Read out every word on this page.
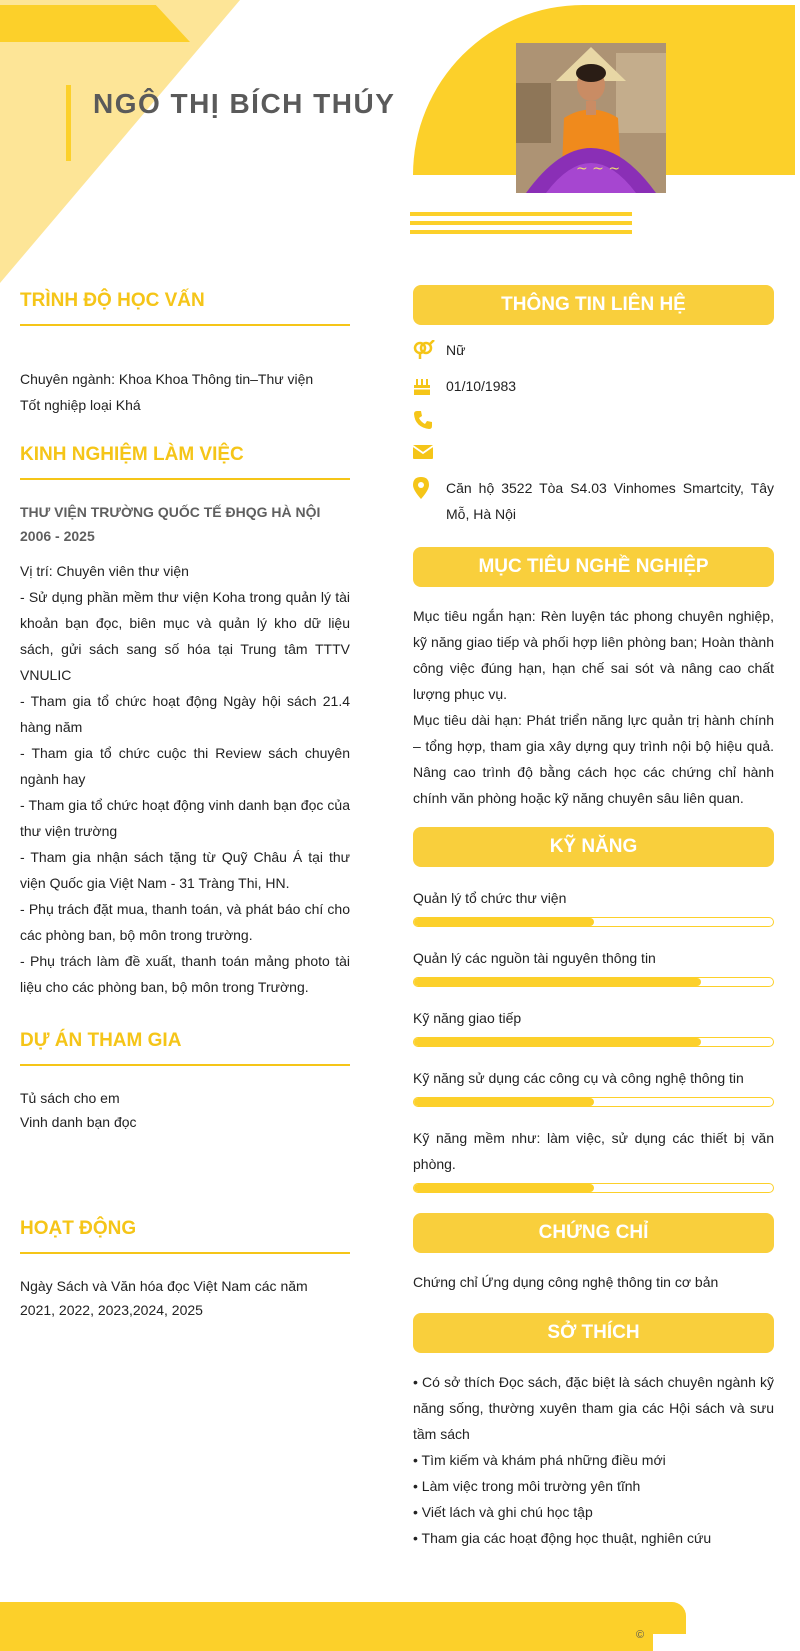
NGÔ THỊ BÍCH THÚY
~ ~ ~
TRÌNH ĐỘ HỌC VẤN
Chuyên ngành: Khoa Khoa Thông tin–Thư viện
Tốt nghiệp loại Khá
KINH NGHIỆM LÀM VIỆC
THƯ VIỆN TRƯỜNG QUỐC TẾ ĐHQG HÀ NỘI
2006 - 2025
Vị trí: Chuyên viên thư viện
- Sử dụng phần mềm thư viện Koha trong quản lý tài khoản bạn đọc, biên mục và quản lý kho dữ liệu sách, gửi sách sang số hóa tại Trung tâm TTTV VNULIC
- Tham gia tổ chức hoạt động Ngày hội sách 21.4 hàng năm
- Tham gia tổ chức cuộc thi Review sách chuyên ngành hay
- Tham gia tổ chức hoạt động vinh danh bạn đọc của thư viện trường
- Tham gia nhận sách tặng từ Quỹ Châu Á tại thư viện Quốc gia Việt Nam - 31 Tràng Thi, HN.
- Phụ trách đặt mua, thanh toán, và phát báo chí cho các phòng ban, bộ môn trong trường.
- Phụ trách làm đề xuất, thanh toán mảng photo tài liệu cho các phòng ban, bộ môn trong Trường.
DỰ ÁN THAM GIA
Tủ sách cho em
Vinh danh bạn đọc
HOẠT ĐỘNG
Ngày Sách và Văn hóa đọc Việt Nam các năm
2021, 2022, 2023,2024, 2025
THÔNG TIN LIÊN HỆ
Nữ
01/10/1983
Căn hộ 3522 Tòa S4.03 Vinhomes Smartcity, Tây Mỗ, Hà Nội
MỤC TIÊU NGHỀ NGHIỆP
Mục tiêu ngắn hạn: Rèn luyện tác phong chuyên nghiệp, kỹ năng giao tiếp và phối hợp liên phòng ban; Hoàn thành công việc đúng hạn, hạn chế sai sót và nâng cao chất lượng phục vụ.
Mục tiêu dài hạn: Phát triển năng lực quản trị hành chính – tổng hợp, tham gia xây dựng quy trình nội bộ hiệu quả. Nâng cao trình độ bằng cách học các chứng chỉ hành chính văn phòng hoặc kỹ năng chuyên sâu liên quan.
KỸ NĂNG
Quản lý tổ chức thư viện
Quản lý các nguồn tài nguyên thông tin
Kỹ năng giao tiếp
Kỹ năng sử dụng các công cụ và công nghệ thông tin
Kỹ năng mềm như: làm việc, sử dụng các thiết bị văn phòng.
CHỨNG CHỈ
Chứng chỉ Ứng dụng công nghệ thông tin cơ bản
SỞ THÍCH
• Có sở thích Đọc sách, đặc biệt là sách chuyên ngành kỹ năng sống, thường xuyên tham gia các Hội sách và sưu tầm sách
• Tìm kiếm và khám phá những điều mới
• Làm việc trong môi trường yên tĩnh
• Viết lách và ghi chú học tập
• Tham gia các hoạt động học thuật, nghiên cứu
©
